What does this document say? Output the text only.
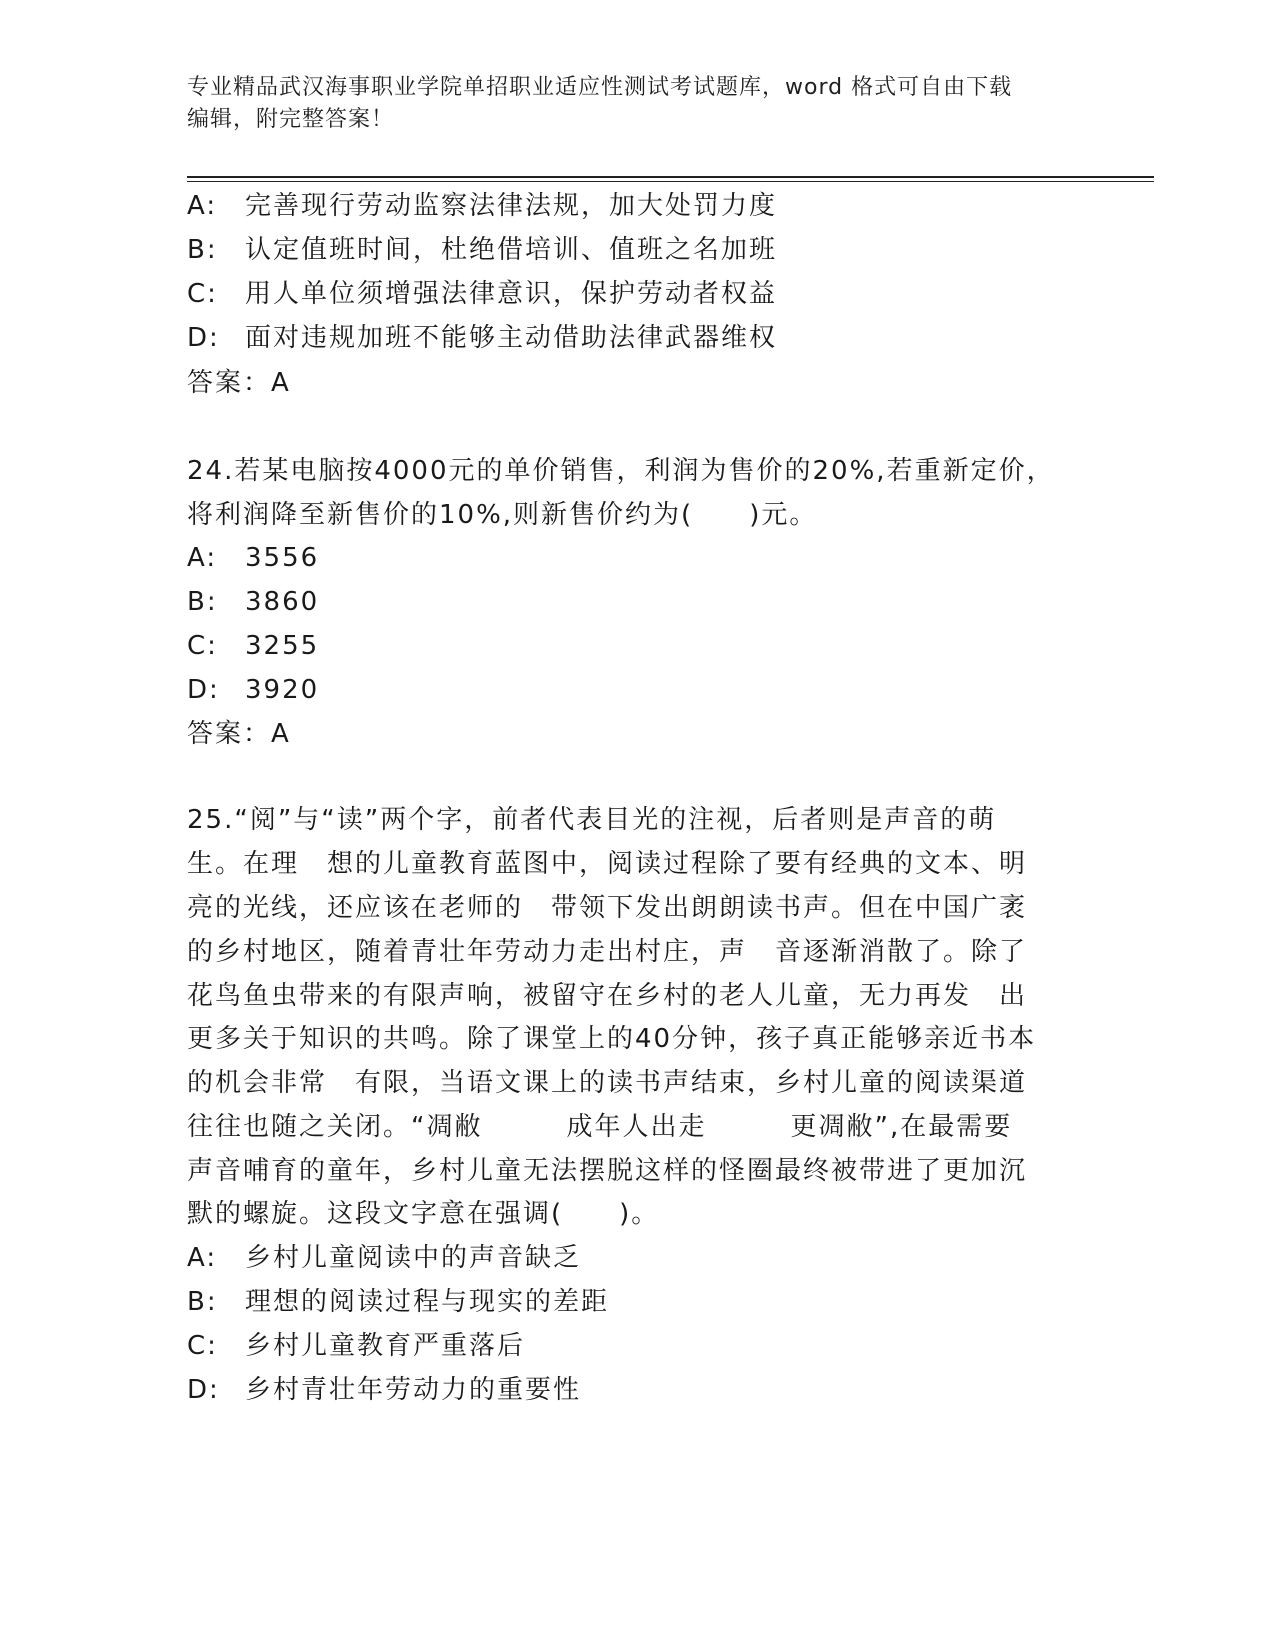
专业精品武汉海事职业学院单招职业适应性测试考试题库，word 格式可自由下载
编辑，附完整答案！
A: 完善现行劳动监察法律法规，加大处罚力度
B: 认定值班时间，杜绝借培训、值班之名加班
C: 用人单位须增强法律意识，保护劳动者权益
D: 面对违规加班不能够主动借助法律武器维权
答案：A
24.若某电脑按4000元的单价销售，利润为售价的20%,若重新定价，
将利润降至新售价的10%,则新售价约为(　　)元。
A: 3556
B: 3860
C: 3255
D: 3920
答案：A
25.“阅”与“读”两个字，前者代表目光的注视，后者则是声音的萌
生。在理　想的儿童教育蓝图中，阅读过程除了要有经典的文本、明
亮的光线，还应该在老师的　带领下发出朗朗读书声。但在中国广袤
的乡村地区，随着青壮年劳动力走出村庄，声　音逐渐消散了。除了
花鸟鱼虫带来的有限声响，被留守在乡村的老人儿童，无力再发　出
更多关于知识的共鸣。除了课堂上的40分钟，孩子真正能够亲近书本
的机会非常　有限，当语文课上的读书声结束，乡村儿童的阅读渠道
往往也随之关闭。“凋敝　　　成年人出走　　　更凋敝”,在最需要
声音哺育的童年，乡村儿童无法摆脱这样的怪圈最终被带进了更加沉
默的螺旋。这段文字意在强调(　　)。
A: 乡村儿童阅读中的声音缺乏
B: 理想的阅读过程与现实的差距
C: 乡村儿童教育严重落后
D: 乡村青壮年劳动力的重要性
